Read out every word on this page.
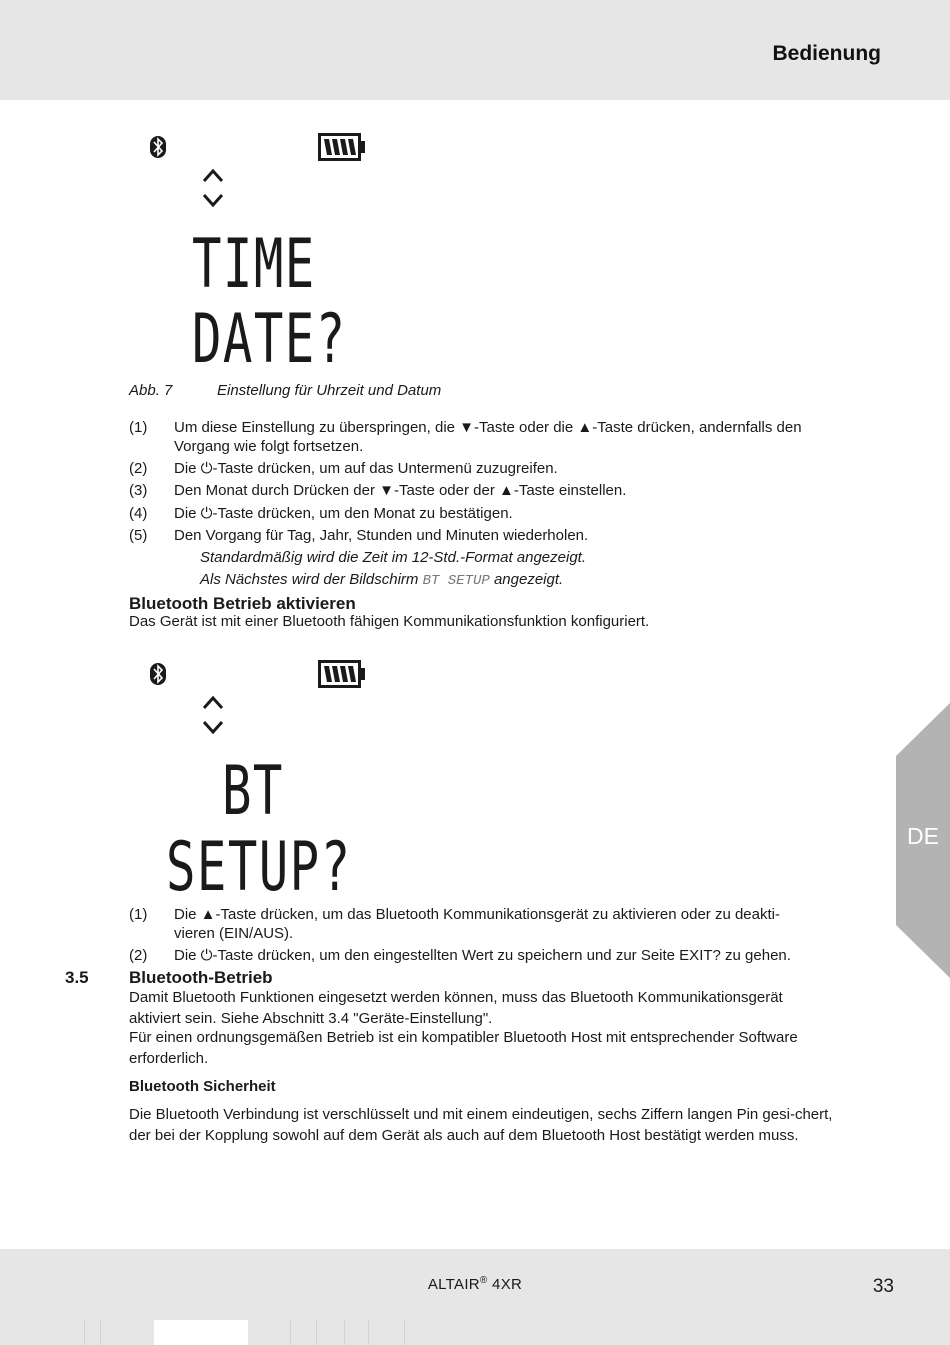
Bedienung
DE
TIME
DATE?
Abb. 7	Einstellung für Uhrzeit und Datum
(1) Um diese Einstellung zu überspringen, die ▼-Taste oder die ▲-Taste drücken, andernfalls den Vorgang wie folgt fortsetzen.
(2) Die ⏻-Taste drücken, um auf das Untermenü zuzugreifen.
(3) Den Monat durch Drücken der ▼-Taste oder der ▲-Taste einstellen.
(4) Die ⏻-Taste drücken, um den Monat zu bestätigen.
(5) Den Vorgang für Tag, Jahr, Stunden und Minuten wiederholen.
Standardmäßig wird die Zeit im 12-Std.-Format angezeigt.
Als Nächstes wird der Bildschirm BT SETUP angezeigt.
Bluetooth Betrieb aktivieren
Das Gerät ist mit einer Bluetooth fähigen Kommunikationsfunktion konfiguriert.
BT
SETUP?
(1) Die ▲-Taste drücken, um das Bluetooth Kommunikationsgerät zu aktivieren oder zu deakti-vieren (EIN/AUS).
(2) Die ⏻-Taste drücken, um den eingestellten Wert zu speichern und zur Seite EXIT? zu gehen.
3.5 Bluetooth-Betrieb
Damit Bluetooth Funktionen eingesetzt werden können, muss das Bluetooth Kommunikationsgerät aktiviert sein. Siehe Abschnitt 3.4 "Geräte-Einstellung".
Für einen ordnungsgemäßen Betrieb ist ein kompatibler Bluetooth Host mit entsprechender Software erforderlich.
Bluetooth Sicherheit
Die Bluetooth Verbindung ist verschlüsselt und mit einem eindeutigen, sechs Ziffern langen Pin gesi-chert, der bei der Kopplung sowohl auf dem Gerät als auch auf dem Bluetooth Host bestätigt werden muss.
ALTAIR® 4XR	33
